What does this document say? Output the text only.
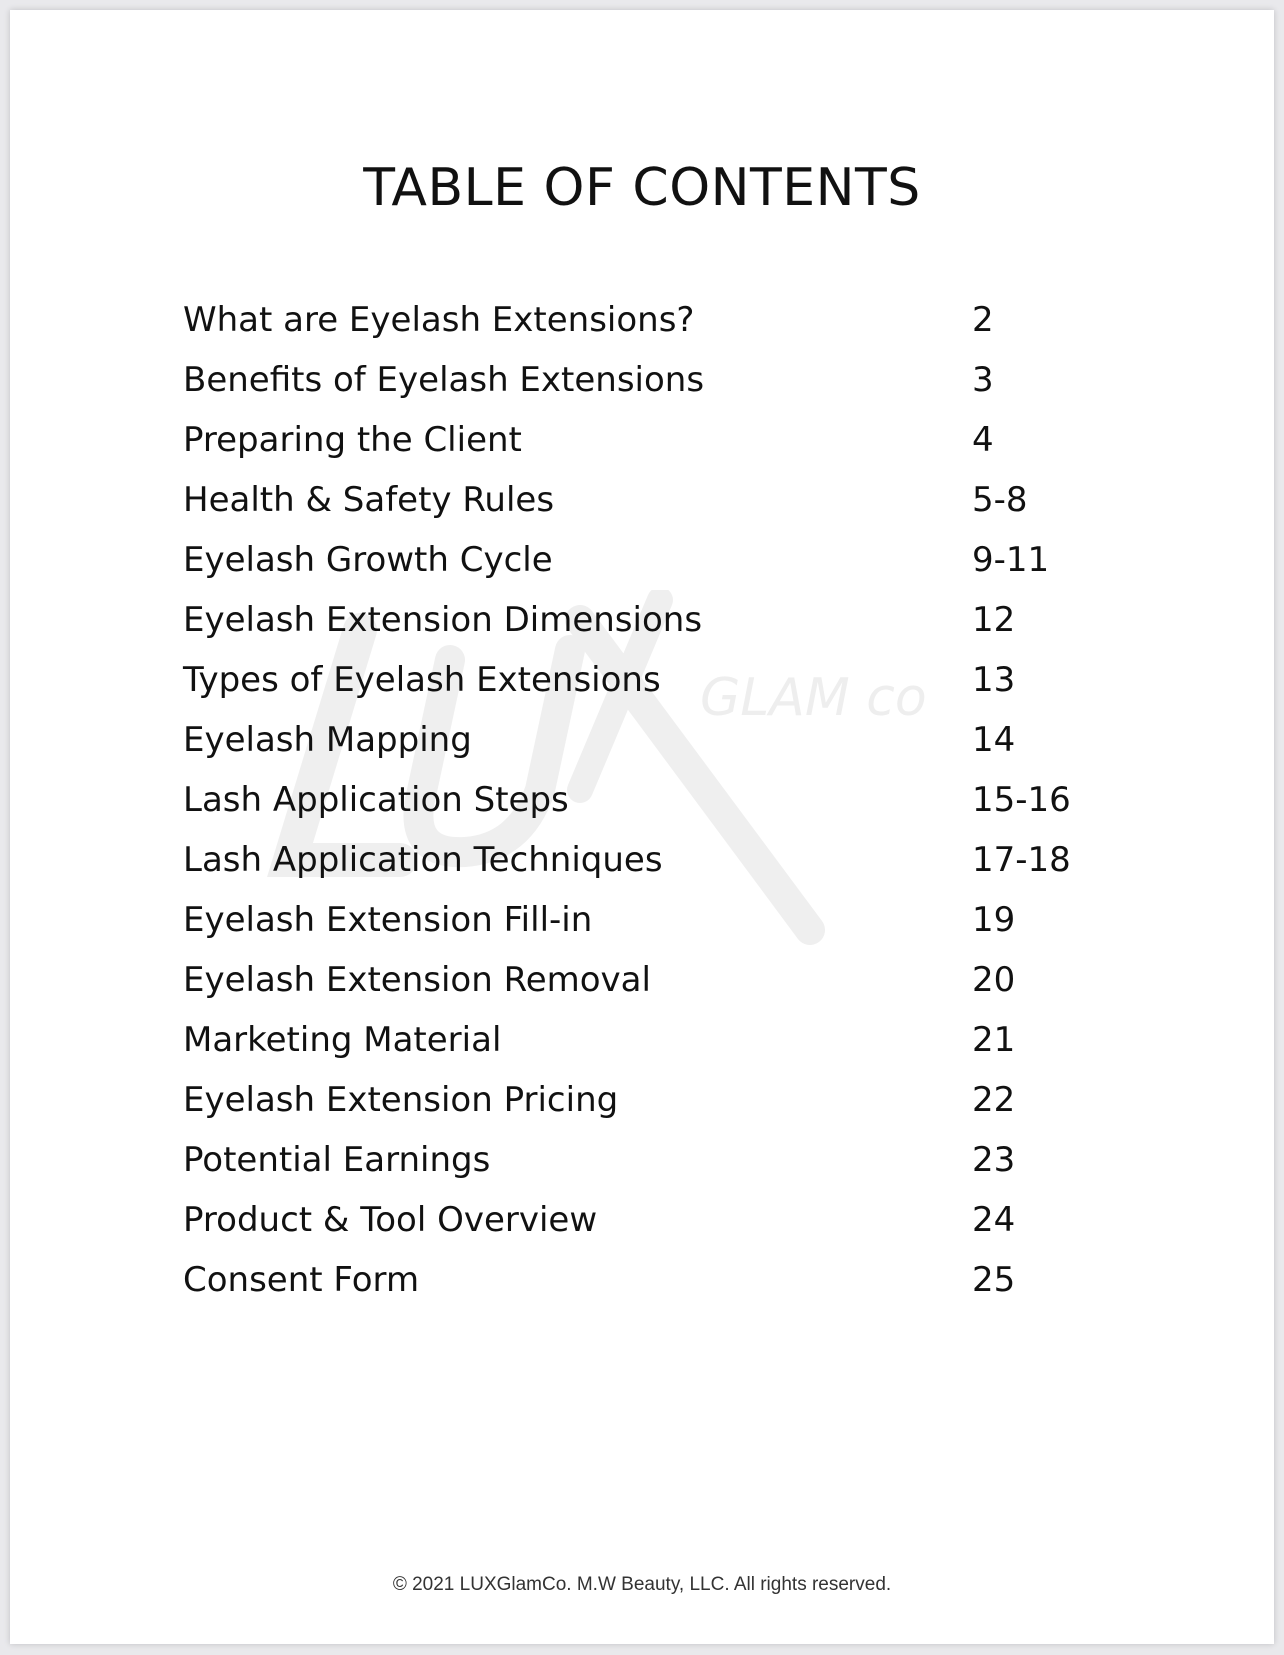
GLAM co
TABLE OF CONTENTS
What are Eyelash Extensions?	2
Benefits of Eyelash Extensions	3
Preparing the Client	4
Health & Safety Rules	5-8
Eyelash Growth Cycle	9-11
Eyelash Extension Dimensions	12
Types of Eyelash Extensions	13
Eyelash Mapping	14
Lash Application Steps	15-16
Lash Application Techniques	17-18
Eyelash Extension Fill-in	19
Eyelash Extension Removal	20
Marketing Material	21
Eyelash Extension Pricing	22
Potential Earnings	23
Product & Tool Overview	24
Consent Form	25
© 2021 LUXGlamCo. M.W Beauty, LLC. All rights reserved.
